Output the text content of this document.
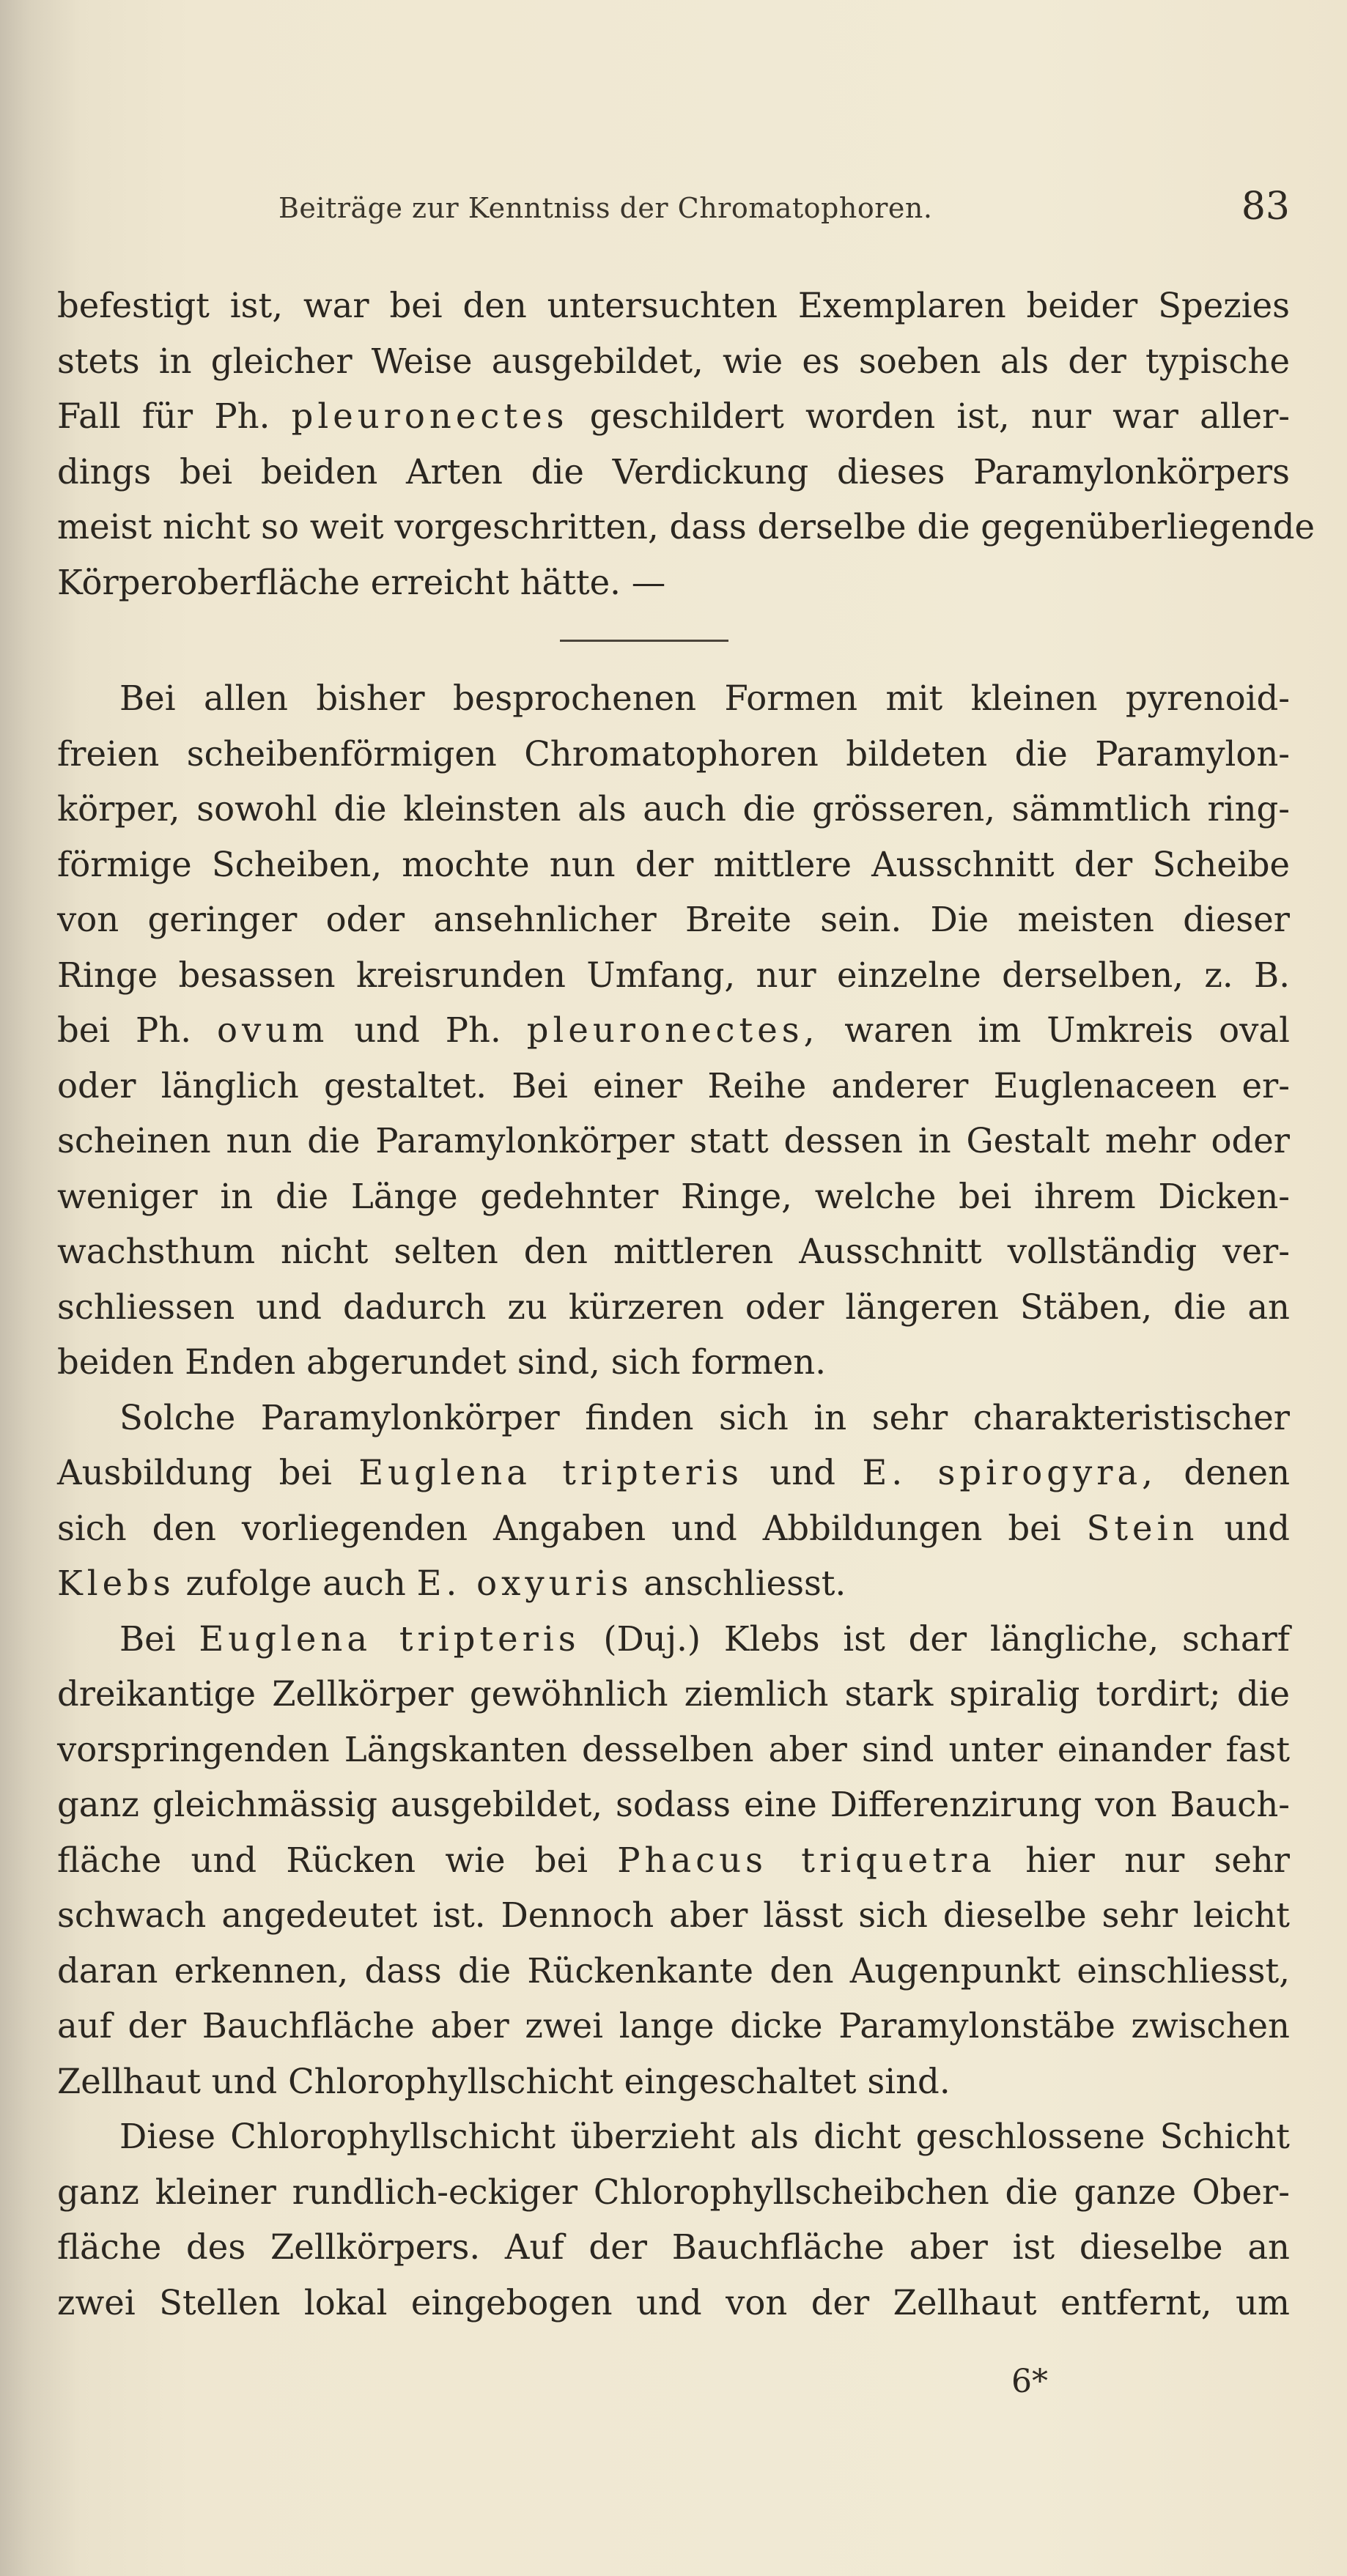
Beiträge zur Kenntniss der Chromatophoren.	83

befestigt ist, war bei den untersuchten Exemplaren beider Spezies
stets in gleicher Weise ausgebildet, wie es soeben als der typische
Fall für Ph. pleuronectes geschildert worden ist, nur war aller-
dings bei beiden Arten die Verdickung dieses Paramylonkörpers
meist nicht so weit vorgeschritten, dass derselbe die gegenüberliegende
Körperoberfläche erreicht hätte. —

Bei allen bisher besprochenen Formen mit kleinen pyrenoid-
freien scheibenförmigen Chromatophoren bildeten die Paramylon-
körper, sowohl die kleinsten als auch die grösseren, sämmtlich ring-
förmige Scheiben, mochte nun der mittlere Ausschnitt der Scheibe
von geringer oder ansehnlicher Breite sein. Die meisten dieser
Ringe besassen kreisrunden Umfang, nur einzelne derselben, z. B.
bei Ph. ovum und Ph. pleuronectes, waren im Umkreis oval
oder länglich gestaltet. Bei einer Reihe anderer Euglenaceen er-
scheinen nun die Paramylonkörper statt dessen in Gestalt mehr oder
weniger in die Länge gedehnter Ringe, welche bei ihrem Dicken-
wachsthum nicht selten den mittleren Ausschnitt vollständig ver-
schliessen und dadurch zu kürzeren oder längeren Stäben, die an
beiden Enden abgerundet sind, sich formen.

Solche Paramylonkörper finden sich in sehr charakteristischer
Ausbildung bei Euglena tripteris und E. spirogyra, denen
sich den vorliegenden Angaben und Abbildungen bei Stein und
Klebs zufolge auch E. oxyuris anschliesst.

Bei Euglena tripteris (Duj.) Klebs ist der längliche, scharf
dreikantige Zellkörper gewöhnlich ziemlich stark spiralig tordirt; die
vorspringenden Längskanten desselben aber sind unter einander fast
ganz gleichmässig ausgebildet, sodass eine Differenzirung von Bauch-
fläche und Rücken wie bei Phacus triquetra hier nur sehr
schwach angedeutet ist. Dennoch aber lässt sich dieselbe sehr leicht
daran erkennen, dass die Rückenkante den Augenpunkt einschliesst,
auf der Bauchfläche aber zwei lange dicke Paramylonstäbe zwischen
Zellhaut und Chlorophyllschicht eingeschaltet sind.

Diese Chlorophyllschicht überzieht als dicht geschlossene Schicht
ganz kleiner rundlich-eckiger Chlorophyllscheibchen die ganze Ober-
fläche des Zellkörpers. Auf der Bauchfläche aber ist dieselbe an
zwei Stellen lokal eingebogen und von der Zellhaut entfernt, um

6*
